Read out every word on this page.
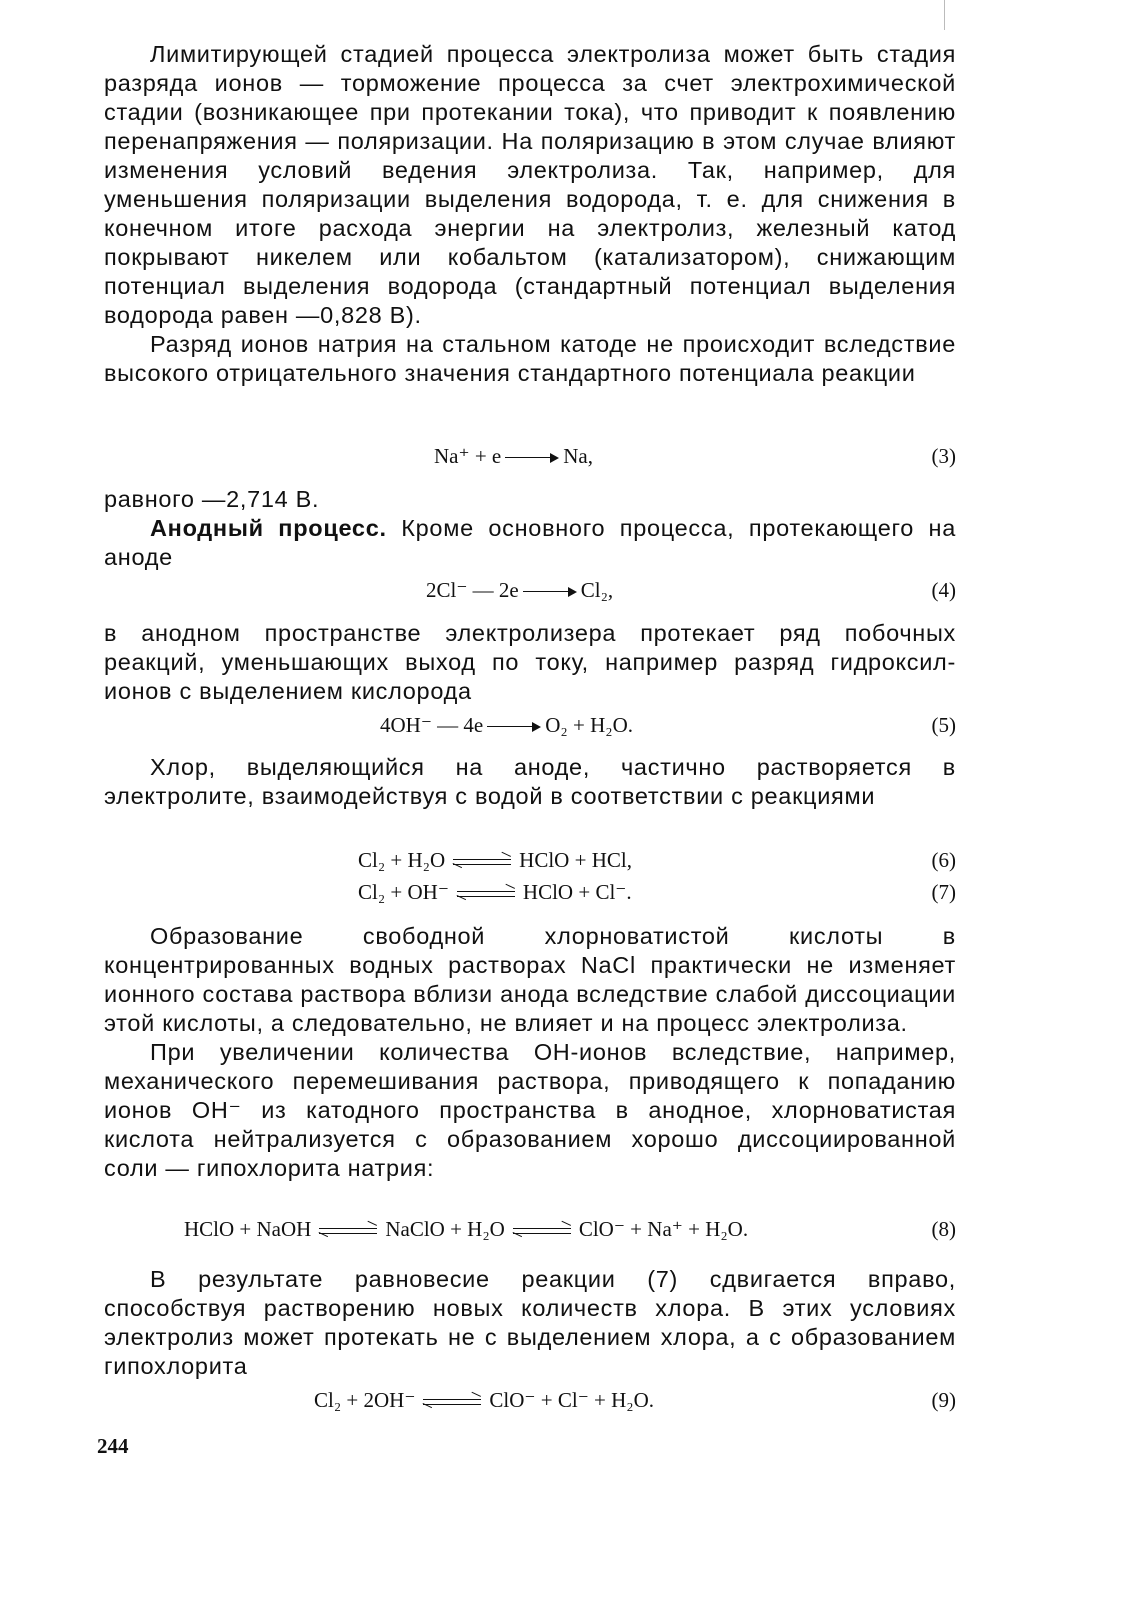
Лимитирующей стадией процесса электролиза может быть стадия разряда ионов — торможение процесса за счет электрохимической стадии (возникающее при протекании тока), что приводит к появлению перенапряжения — поляризации. На поляризацию в этом случае влияют изменения условий ведения электролиза. Так, например, для уменьшения поляризации выделения водорода, т. е. для снижения в конечном итоге расхода энергии на электролиз, железный катод покрывают никелем или кобальтом (катализатором), снижающим потенциал выделения водорода (стандартный потенциал выделения водорода равен —0,828 В).

Разряд ионов натрия на стальном катоде не происходит вследствие высокого отрицательного значения стандартного потенциала реакции

Na⁺ + e	Na,	(3)

равного —2,714 В.

Анодный процесс. Кроме основного процесса, протекающего на аноде

2Cl⁻ — 2e	Cl₂,	(4)

в анодном пространстве электролизера протекает ряд побочных реакций, уменьшающих выход по току, например разряд гидроксил-ионов с выделением кислорода

4OH⁻ — 4e	O₂ + H₂O.	(5)

Хлор, выделяющийся на аноде, частично растворяется в электролите, взаимодействуя с водой в соответствии с реакциями

Cl₂ + H₂O	HClO + HCl,	(6)
Cl₂ + OH⁻	HClO + Cl⁻.	(7)

Образование свободной хлорноватистой кислоты в концентрированных водных растворах NaCl практически не изменяет ионного состава раствора вблизи анода вследствие слабой диссоциации этой кислоты, а следовательно, не влияет и на процесс электролиза.

При увеличении количества OH-ионов вследствие, например, механического перемешивания раствора, приводящего к попаданию ионов OH⁻ из катодного пространства в анодное, хлорноватистая кислота нейтрализуется с образованием хорошо диссоциированной соли — гипохлорита натрия:

HClO + NaOH	NaClO + H₂O	ClO⁻ + Na⁺ + H₂O.	(8)

В результате равновесие реакции (7) сдвигается вправо, способствуя растворению новых количеств хлора. В этих условиях электролиз может протекать не с выделением хлора, а с образованием гипохлорита

Cl₂ + 2OH⁻	ClO⁻ + Cl⁻ + H₂O.	(9)
244
